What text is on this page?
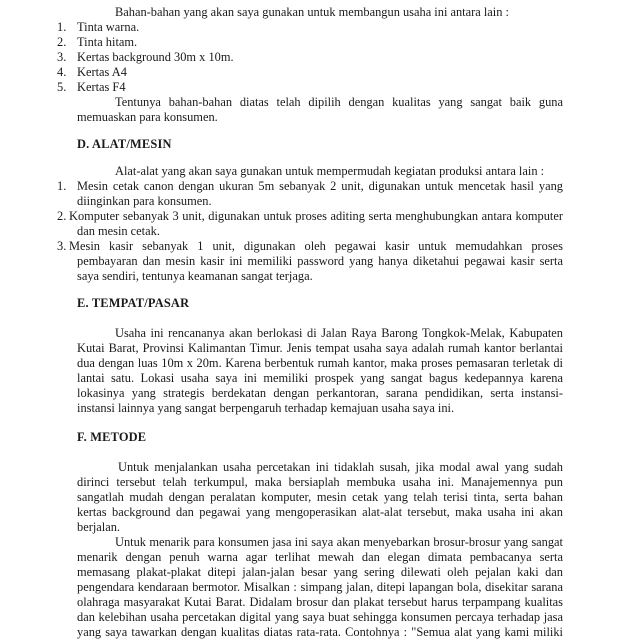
Bahan-bahan yang akan saya gunakan untuk membangun usaha ini antara lain :
1. Tinta warna.
2. Tinta hitam.
3. Kertas background 30m x 10m.
4. Kertas A4
5. Kertas F4
Tentunya bahan-bahan diatas telah dipilih dengan kualitas yang sangat baik guna
memuaskan para konsumen.
D. ALAT/MESIN
Alat-alat yang akan saya gunakan untuk mempermudah kegiatan produksi antara lain :
1. Mesin cetak canon dengan ukuran 5m sebanyak 2 unit, digunakan untuk mencetak hasil yang
diinginkan para konsumen.
2. Komputer sebanyak 3 unit, digunakan untuk proses aditing serta menghubungkan antara komputer
dan mesin cetak.
3. Mesin kasir sebanyak 1 unit, digunakan oleh pegawai kasir untuk memudahkan proses
pembayaran dan mesin kasir ini memiliki password yang hanya diketahui pegawai kasir serta
saya sendiri, tentunya keamanan sangat terjaga.
E. TEMPAT/PASAR
Usaha ini rencananya akan berlokasi di Jalan Raya Barong Tongkok-Melak, Kabupaten
Kutai Barat, Provinsi Kalimantan Timur. Jenis tempat usaha saya adalah rumah kantor berlantai
dua dengan luas 10m x 20m. Karena berbentuk rumah kantor, maka proses pemasaran terletak di
lantai satu. Lokasi usaha saya ini memiliki prospek yang sangat bagus kedepannya karena
lokasinya yang strategis berdekatan dengan perkantoran, sarana pendidikan, serta instansi-
instansi lainnya yang sangat berpengaruh terhadap kemajuan usaha saya ini.
F. METODE
Untuk menjalankan usaha percetakan ini tidaklah susah, jika modal awal yang sudah
dirinci tersebut telah terkumpul, maka bersiaplah membuka usaha ini. Manajemennya pun
sangatlah mudah dengan peralatan komputer, mesin cetak yang telah terisi tinta, serta bahan
kertas background dan pegawai yang mengoperasikan alat-alat tersebut, maka usaha ini akan
berjalan.
Untuk menarik para konsumen jasa ini saya akan menyebarkan brosur-brosur yang sangat
menarik dengan penuh warna agar terlihat mewah dan elegan dimata pembacanya serta
memasang plakat-plakat ditepi jalan-jalan besar yang sering dilewati oleh pejalan kaki dan
pengendara kendaraan bermotor. Misalkan : simpang jalan, ditepi lapangan bola, disekitar sarana
olahraga masyarakat Kutai Barat. Didalam brosur dan plakat tersebut harus terpampang kualitas
dan kelebihan usaha percetakan digital yang saya buat sehingga konsumen percaya terhadap jasa
yang saya tawarkan dengan kualitas diatas rata-rata. Contohnya : "Semua alat yang kami miliki
